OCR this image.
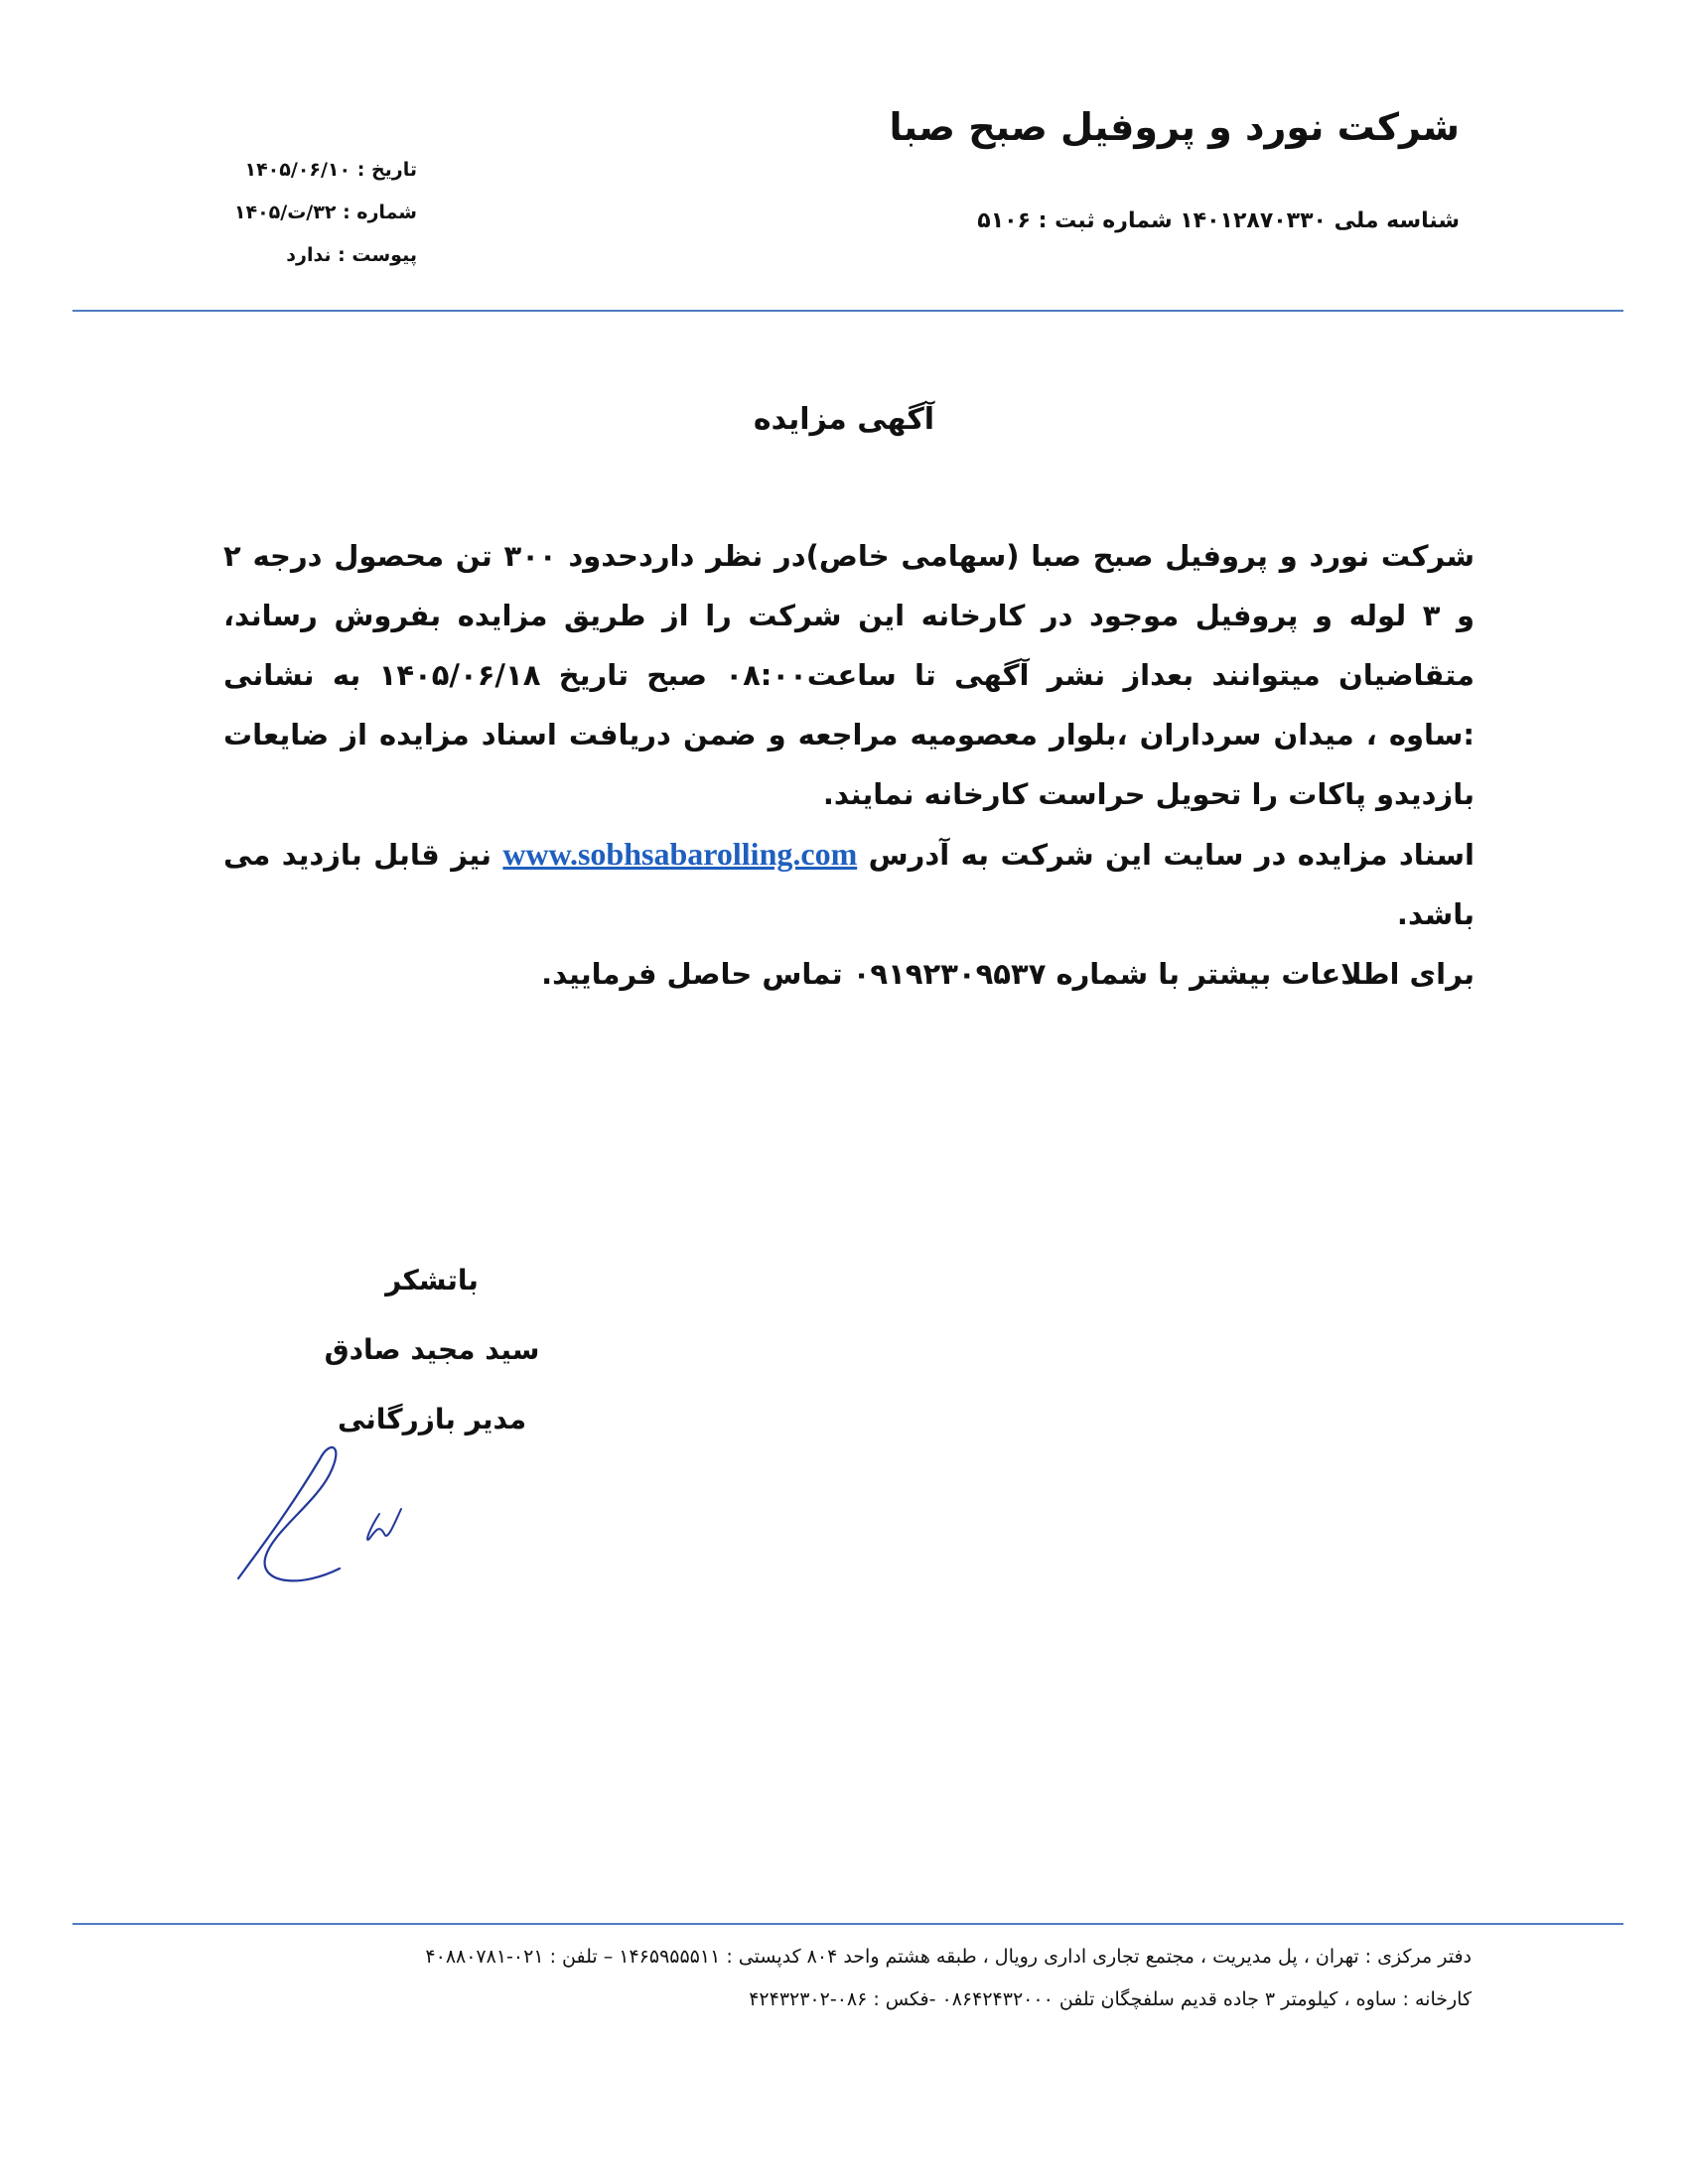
شرکت نورد و پروفیل صبح صبا
شناسه ملی ۱۴۰۱۲۸۷۰۳۳۰ شماره ثبت : ۵۱۰۶
تاریخ : ۱۴۰۵/۰۶/۱۰
شماره : ۳۲/ت/۱۴۰۵
پیوست : ندارد
آگهی مزایده

شرکت نورد و پروفیل صبح صبا (سهامی خاص)در نظر داردحدود ۳۰۰ تن محصول درجه ۲ و ۳ لوله و پروفیل موجود در کارخانه این شرکت را از طریق مزایده بفروش رساند، متقاضیان میتوانند بعداز نشر آگهی تا ساعت۰۸:۰۰ صبح تاریخ ۱۴۰۵/۰۶/۱۸ به نشانی :ساوه ، میدان سرداران ،بلوار معصومیه مراجعه و ضمن دریافت اسناد مزایده از ضایعات بازدیدو پاکات را تحویل حراست کارخانه نمایند.

اسناد مزایده در سایت این شرکت به آدرس www.sobhsabarolling.com نیز قابل بازدید می باشد.

برای اطلاعات بیشتر با شماره ۰۹۱۹۲۳۰۹۵۳۷ تماس حاصل فرمایید.

باتشکر
سید مجید صادق
مدیر بازرگانی
دفتر مرکزی : تهران ، پل مدیریت ، مجتمع تجاری اداری رویال ، طبقه هشتم واحد ۸۰۴ کدپستی : ۱۴۶۵۹۵۵۵۱۱ – تلفن : ۰۲۱-۴۰۸۸۰۷۸۱
کارخانه : ساوه ، کیلومتر ۳ جاده قدیم سلفچگان تلفن ۰۸۶۴۲۴۳۲۰۰۰ -فکس : ۰۸۶-۴۲۴۳۲۳۰۲
